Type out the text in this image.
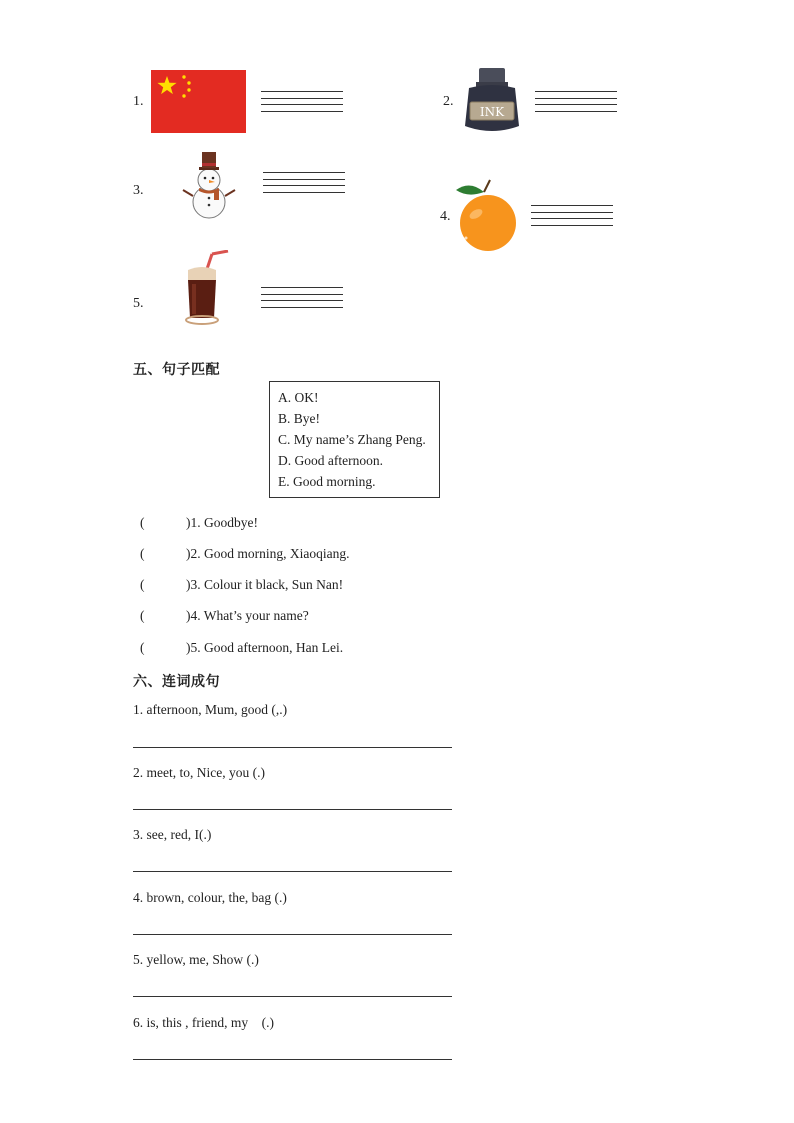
1.	2.
INK
3.
4.
5.
五、句子匹配
A. OK!
B. Bye!
C. My name’s Zhang Peng.
D. Good afternoon.
E. Good morning.
(	)1. Goodbye!
(	)2. Good morning, Xiaoqiang.
(	)3. Colour it black, Sun Nan!
(	)4. What’s your name?
(	)5. Good afternoon, Han Lei.
六、连词成句
1. afternoon, Mum, good (,.)
2. meet, to, Nice, you (.)
3. see, red, I(.)
4. brown, colour, the, bag (.)
5. yellow, me, Show (.)
6. is, this , friend, my    (.)
